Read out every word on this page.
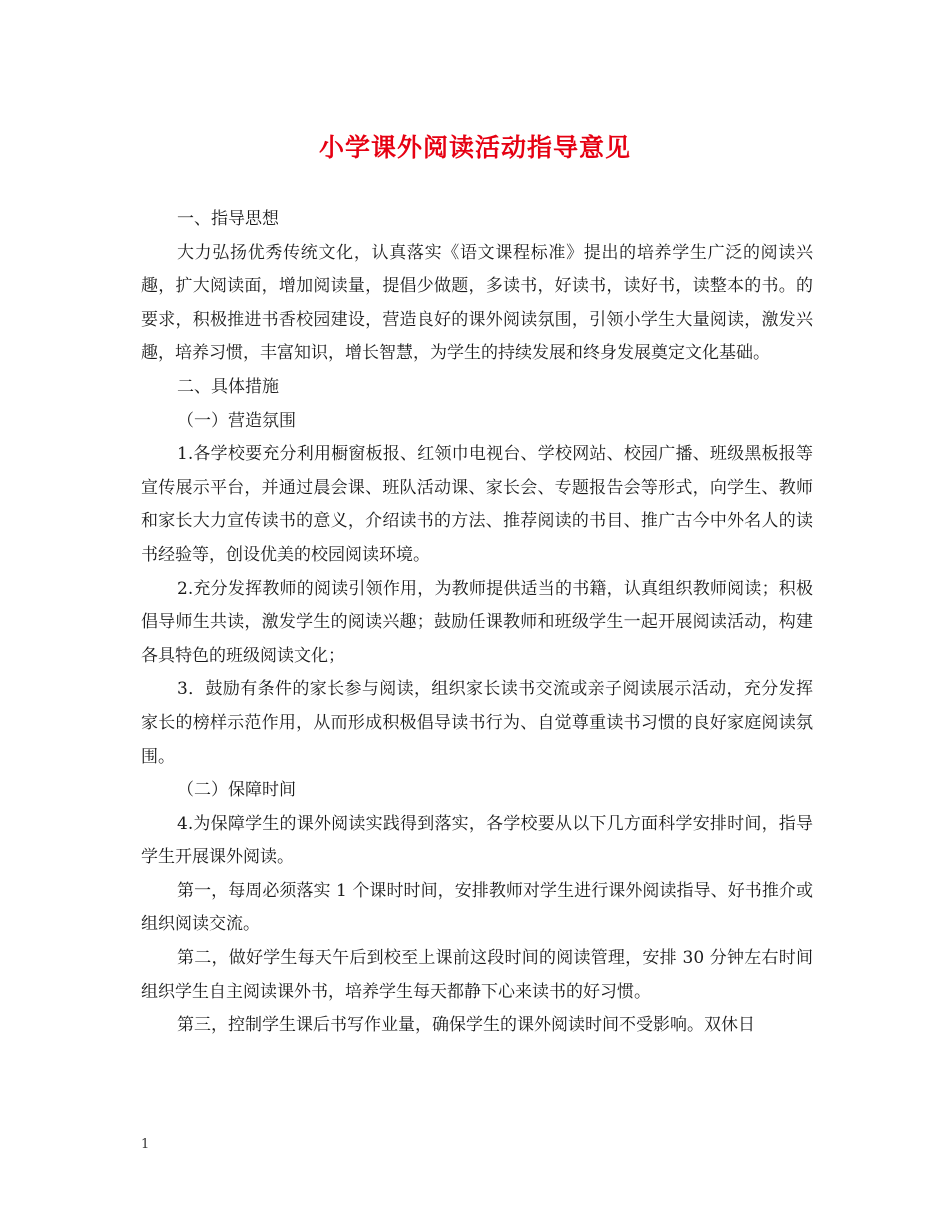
小学课外阅读活动指导意见

一、指导思想

大力弘扬优秀传统文化，认真落实《语文课程标准》提出的培养学生广泛的阅读兴趣，扩大阅读面，增加阅读量，提倡少做题，多读书，好读书，读好书，读整本的书。的要求，积极推进书香校园建设，营造良好的课外阅读氛围，引领小学生大量阅读，激发兴趣，培养习惯，丰富知识，增长智慧，为学生的持续发展和终身发展奠定文化基础。

二、具体措施

（一）营造氛围

1.各学校要充分利用橱窗板报、红领巾电视台、学校网站、校园广播、班级黑板报等宣传展示平台，并通过晨会课、班队活动课、家长会、专题报告会等形式，向学生、教师和家长大力宣传读书的意义，介绍读书的方法、推荐阅读的书目、推广古今中外名人的读书经验等，创设优美的校园阅读环境。

2.充分发挥教师的阅读引领作用，为教师提供适当的书籍，认真组织教师阅读；积极倡导师生共读，激发学生的阅读兴趣；鼓励任课教师和班级学生一起开展阅读活动，构建各具特色的班级阅读文化；

3．鼓励有条件的家长参与阅读，组织家长读书交流或亲子阅读展示活动，充分发挥家长的榜样示范作用，从而形成积极倡导读书行为、自觉尊重读书习惯的良好家庭阅读氛围。

（二）保障时间

4.为保障学生的课外阅读实践得到落实，各学校要从以下几方面科学安排时间，指导学生开展课外阅读。

第一，每周必须落实 1 个课时时间，安排教师对学生进行课外阅读指导、好书推介或组织阅读交流。

第二，做好学生每天午后到校至上课前这段时间的阅读管理，安排 30 分钟左右时间组织学生自主阅读课外书，培养学生每天都静下心来读书的好习惯。

第三，控制学生课后书写作业量，确保学生的课外阅读时间不受影响。双休日

1
